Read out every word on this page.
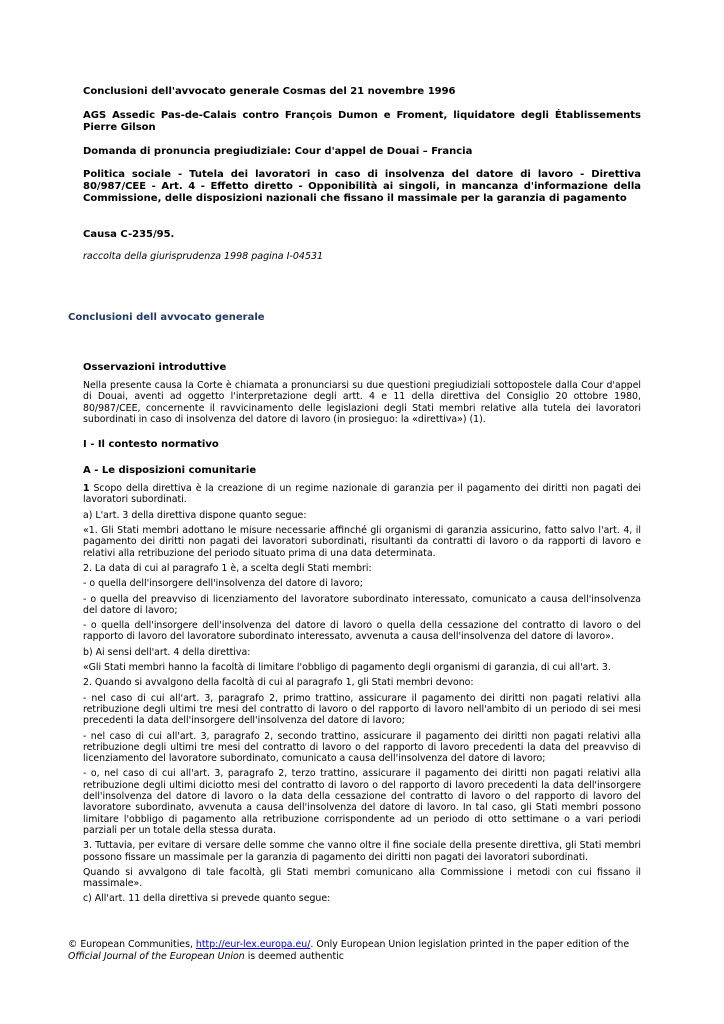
Conclusioni dell'avvocato generale Cosmas del 21 novembre 1996

AGS Assedic Pas-de-Calais contro François Dumon e Froment, liquidatore degli Établissements Pierre Gilson

Domanda di pronuncia pregiudiziale: Cour d'appel de Douai – Francia

Politica sociale - Tutela dei lavoratori in caso di insolvenza del datore di lavoro - Direttiva 80/987/CEE - Art. 4 - Effetto diretto - Opponibilità ai singoli, in mancanza d'informazione della Commissione, delle disposizioni nazionali che fissano il massimale per la garanzia di pagamento

Causa C-235/95.

raccolta della giurisprudenza 1998 pagina I-04531

Conclusioni dell avvocato generale

Osservazioni introduttive

Nella presente causa la Corte è chiamata a pronunciarsi su due questioni pregiudiziali sottopostele dalla Cour d'appel di Douai, aventi ad oggetto l'interpretazione degli artt. 4 e 11 della direttiva del Consiglio 20 ottobre 1980, 80/987/CEE, concernente il ravvicinamento delle legislazioni degli Stati membri relative alla tutela dei lavoratori subordinati in caso di insolvenza del datore di lavoro (in prosieguo: la «direttiva») (1).

I - Il contesto normativo
A - Le disposizioni comunitarie

1 Scopo della direttiva è la creazione di un regime nazionale di garanzia per il pagamento dei diritti non pagati dei lavoratori subordinati.

a) L'art. 3 della direttiva dispone quanto segue:

«1. Gli Stati membri adottano le misure necessarie affinché gli organismi di garanzia assicurino, fatto salvo l'art. 4, il pagamento dei diritti non pagati dei lavoratori subordinati, risultanti da contratti di lavoro o da rapporti di lavoro e relativi alla retribuzione del periodo situato prima di una data determinata.

2. La data di cui al paragrafo 1 è, a scelta degli Stati membri:

- o quella dell'insorgere dell'insolvenza del datore di lavoro;

- o quella del preavviso di licenziamento del lavoratore subordinato interessato, comunicato a causa dell'insolvenza del datore di lavoro;

- o quella dell'insorgere dell'insolvenza del datore di lavoro o quella della cessazione del contratto di lavoro o del rapporto di lavoro del lavoratore subordinato interessato, avvenuta a causa dell'insolvenza del datore di lavoro».

b) Ai sensi dell'art. 4 della direttiva:

«Gli Stati membri hanno la facoltà di limitare l'obbligo di pagamento degli organismi di garanzia, di cui all'art. 3.

2. Quando si avvalgono della facoltà di cui al paragrafo 1, gli Stati membri devono:

- nel caso di cui all'art. 3, paragrafo 2, primo trattino, assicurare il pagamento dei diritti non pagati relativi alla retribuzione degli ultimi tre mesi del contratto di lavoro o del rapporto di lavoro nell'ambito di un periodo di sei mesi precedenti la data dell'insorgere dell'insolvenza del datore di lavoro;

- nel caso di cui all'art. 3, paragrafo 2, secondo trattino, assicurare il pagamento dei diritti non pagati relativi alla retribuzione degli ultimi tre mesi del contratto di lavoro o del rapporto di lavoro precedenti la data del preavviso di licenziamento del lavoratore subordinato, comunicato a causa dell'insolvenza del datore di lavoro;

- o, nel caso di cui all'art. 3, paragrafo 2, terzo trattino, assicurare il pagamento dei diritti non pagati relativi alla retribuzione degli ultimi diciotto mesi del contratto di lavoro o del rapporto di lavoro precedenti la data dell'insorgere dell'insolvenza del datore di lavoro o la data della cessazione del contratto di lavoro o del rapporto di lavoro del lavoratore subordinato, avvenuta a causa dell'insolvenza del datore di lavoro. In tal caso, gli Stati membri possono limitare l'obbligo di pagamento alla retribuzione corrispondente ad un periodo di otto settimane o a vari periodi parziali per un totale della stessa durata.

3. Tuttavia, per evitare di versare delle somme che vanno oltre il fine sociale della presente direttiva, gli Stati membri possono fissare un massimale per la garanzia di pagamento dei diritti non pagati dei lavoratori subordinati.

Quando si avvalgono di tale facoltà, gli Stati membri comunicano alla Commissione i metodi con cui fissano il massimale».

c) All'art. 11 della direttiva si prevede quanto segue:

© European Communities, http://eur-lex.europa.eu/. Only European Union legislation printed in the paper edition of the Official Journal of the European Union is deemed authentic
